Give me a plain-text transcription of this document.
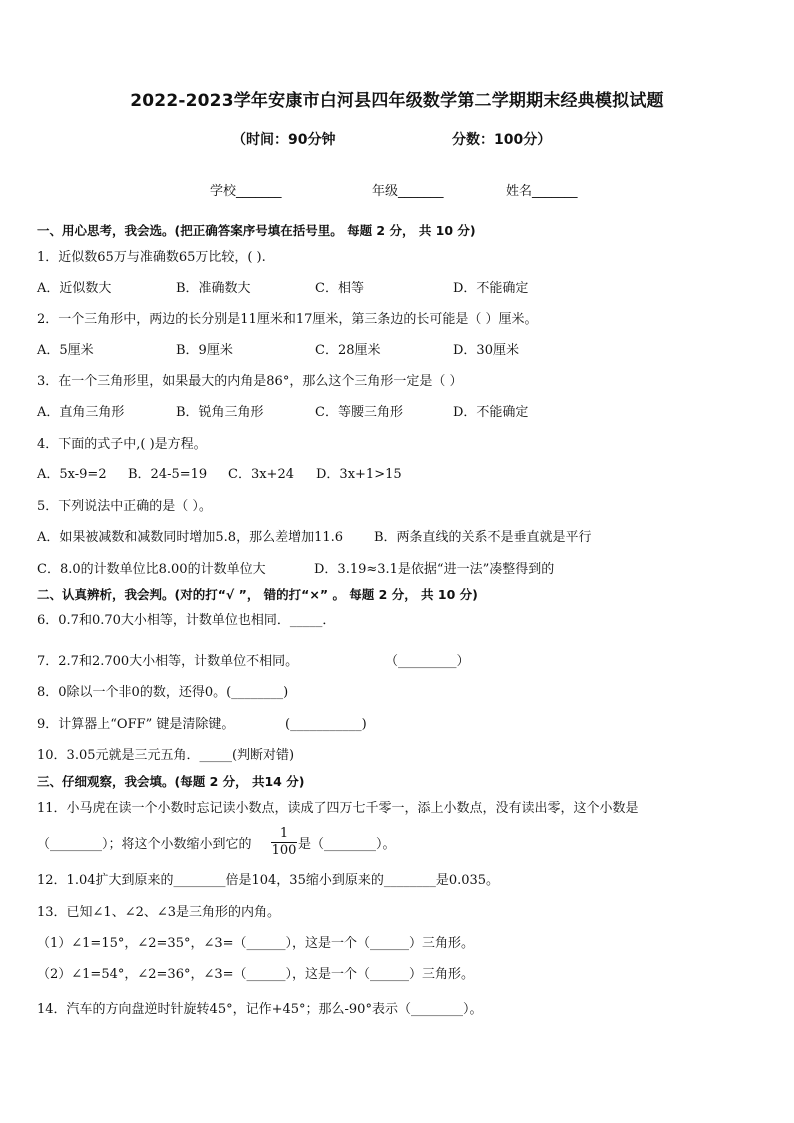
2022-2023学年安康市白河县四年级数学第二学期期末经典模拟试题
（时间：90分钟	分数：100分）
学校_______	年级_______	姓名_______
一、用心思考，我会选。(把正确答案序号填在括号里。 每题 2 分， 共 10 分)
1．近似数65万与准确数65万比较，( ).
A．近似数大	B．准确数大	C．相等	D．不能确定
2．一个三角形中，两边的长分别是11厘米和17厘米，第三条边的长可能是（ ）厘米。
A．5厘米	B．9厘米	C．28厘米	D．30厘米
3．在一个三角形里，如果最大的内角是86°，那么这个三角形一定是（ ）
A．直角三角形	B．锐角三角形	C．等腰三角形	D．不能确定
4．下面的式子中,( )是方程。
A．5x-9=2 B．24-5=19 C．3x+24 D．3x+1>15
5．下列说法中正确的是（ ）。
A．如果被减数和减数同时增加5.8，那么差增加11.6 B．两条直线的关系不是垂直就是平行
C．8.0的计数单位比8.00的计数单位大	D．3.19≈3.1是依据“进一法”凑整得到的
二、认真辨析，我会判。(对的打“√ ”， 错的打“×” 。 每题 2 分， 共 10 分)
6．0.7和0.70大小相等，计数单位也相同．_____．
7．2.7和2.700大小相等，计数单位不相同。	（_________）
8．0除以一个非0的数，还得0。(________)
9．计算器上“OFF” 键是清除键。	(___________)
10．3.05元就是三元五角．_____(判断对错)
三、仔细观察，我会填。(每题 2 分， 共14 分)
11．小马虎在读一个小数时忘记读小数点，读成了四万七千零一，添上小数点，没有读出零，这个小数是
（________）；将这个小数缩小到它的 $\frac{1}{100}$ 是（________）。
12．1.04扩大到原来的________倍是104，35缩小到原来的________是0.035。
13．已知∠1、∠2、∠3是三角形的内角。
（1）∠1=15°，∠2=35°，∠3=（______），这是一个（______）三角形。
（2）∠1=54°，∠2=36°，∠3=（______），这是一个（______）三角形。
14．汽车的方向盘逆时针旋转45°，记作+45°；那么-90°表示（________）。
